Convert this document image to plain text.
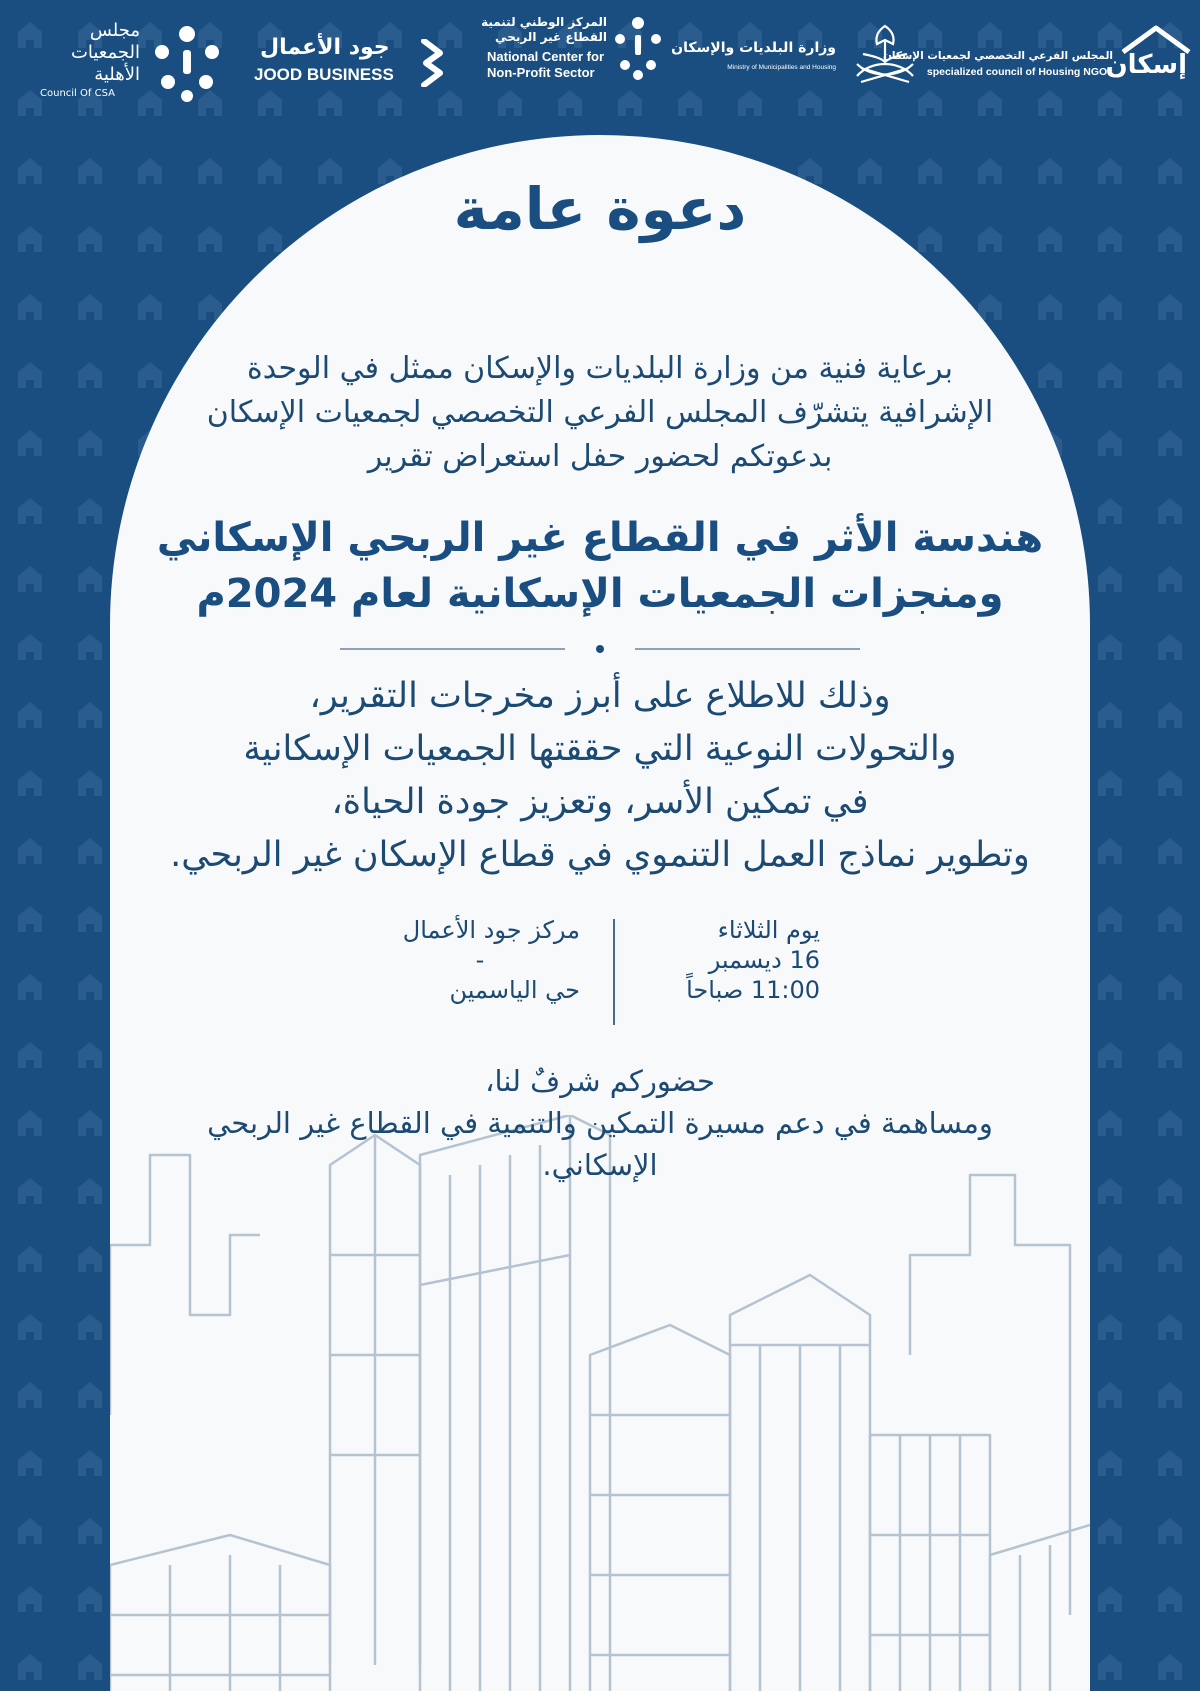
مجلس
الجمعيات
الأهلية
Council Of CSA
جود الأعمال
JOOD BUSINESS
المركز الوطني لتنمية
القطاع غير الربحي
National Center for
Non-Profit Sector
وزارة البلديات والإسكان
Ministry of Municipalities and Housing
المجلس الفرعي التخصصي لجمعيات الإسكان
specialized council of Housing NGOs
إسكان
دعوة عامة
برعاية فنية من وزارة البلديات والإسكان ممثل في الوحدة
الإشرافية يتشرّف المجلس الفرعي التخصصي لجمعيات الإسكان
بدعوتكم لحضور حفل استعراض تقرير
هندسة الأثر في القطاع غير الربحي الإسكاني
ومنجزات الجمعيات الإسكانية لعام 2024م
وذلك للاطلاع على أبرز مخرجات التقرير،
والتحولات النوعية التي حققتها الجمعيات الإسكانية
في تمكين الأسر، وتعزيز جودة الحياة،
وتطوير نماذج العمل التنموي في قطاع الإسكان غير الربحي.
يوم الثلاثاء
16 ديسمبر
11:00 صباحاً
مركز جود الأعمال
-
حي الياسمين
حضوركم شرفٌ لنا،
ومساهمة في دعم مسيرة التمكين والتنمية في القطاع غير الربحي
الإسكاني.
